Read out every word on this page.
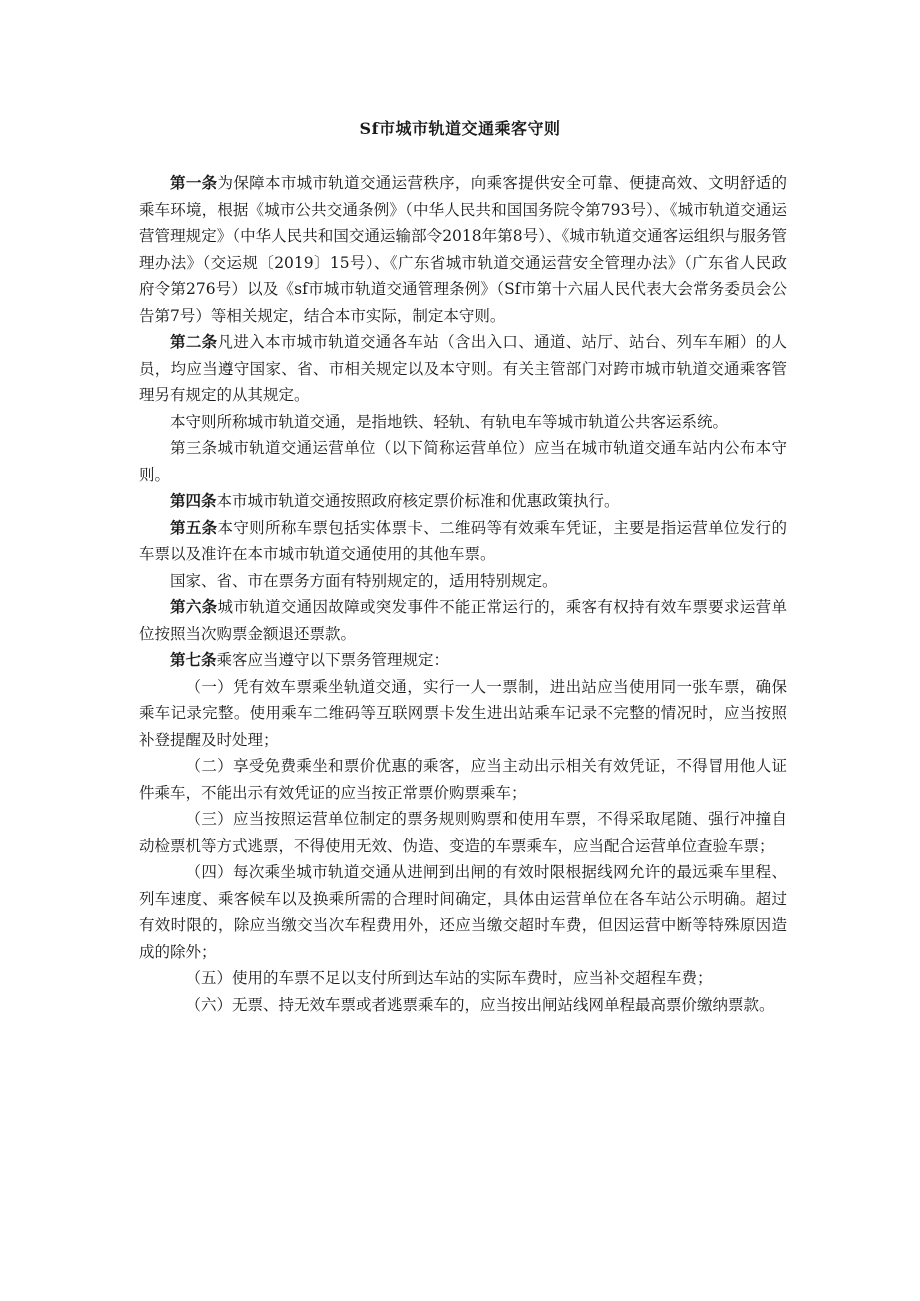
Sf市城市轨道交通乘客守则

第一条为保障本市城市轨道交通运营秩序，向乘客提供安全可靠、便捷高效、文明舒适的乘车环境，根据《城市公共交通条例》（中华人民共和国国务院令第793号）、《城市轨道交通运营管理规定》（中华人民共和国交通运输部令2018年第8号）、《城市轨道交通客运组织与服务管理办法》（交运规〔2019〕15号）、《广东省城市轨道交通运营安全管理办法》（广东省人民政府令第276号）以及《sf市城市轨道交通管理条例》（Sf市第十六届人民代表大会常务委员会公告第7号）等相关规定，结合本市实际，制定本守则。

第二条凡进入本市城市轨道交通各车站（含出入口、通道、站厅、站台、列车车厢）的人员，均应当遵守国家、省、市相关规定以及本守则。有关主管部门对跨市城市轨道交通乘客管理另有规定的从其规定。

本守则所称城市轨道交通，是指地铁、轻轨、有轨电车等城市轨道公共客运系统。

第三条城市轨道交通运营单位（以下简称运营单位）应当在城市轨道交通车站内公布本守则。

第四条本市城市轨道交通按照政府核定票价标准和优惠政策执行。

第五条本守则所称车票包括实体票卡、二维码等有效乘车凭证，主要是指运营单位发行的车票以及准许在本市城市轨道交通使用的其他车票。

国家、省、市在票务方面有特别规定的，适用特别规定。

第六条城市轨道交通因故障或突发事件不能正常运行的，乘客有权持有效车票要求运营单位按照当次购票金额退还票款。

第七条乘客应当遵守以下票务管理规定：

（一）凭有效车票乘坐轨道交通，实行一人一票制，进出站应当使用同一张车票，确保乘车记录完整。使用乘车二维码等互联网票卡发生进出站乘车记录不完整的情况时，应当按照补登提醒及时处理；

（二）享受免费乘坐和票价优惠的乘客，应当主动出示相关有效凭证，不得冒用他人证件乘车，不能出示有效凭证的应当按正常票价购票乘车；

（三）应当按照运营单位制定的票务规则购票和使用车票，不得采取尾随、强行冲撞自动检票机等方式逃票，不得使用无效、伪造、变造的车票乘车，应当配合运营单位查验车票；

（四）每次乘坐城市轨道交通从进闸到出闸的有效时限根据线网允许的最远乘车里程、列车速度、乘客候车以及换乘所需的合理时间确定，具体由运营单位在各车站公示明确。超过有效时限的，除应当缴交当次车程费用外，还应当缴交超时车费，但因运营中断等特殊原因造成的除外；

（五）使用的车票不足以支付所到达车站的实际车费时，应当补交超程车费；

（六）无票、持无效车票或者逃票乘车的，应当按出闸站线网单程最高票价缴纳票款。
